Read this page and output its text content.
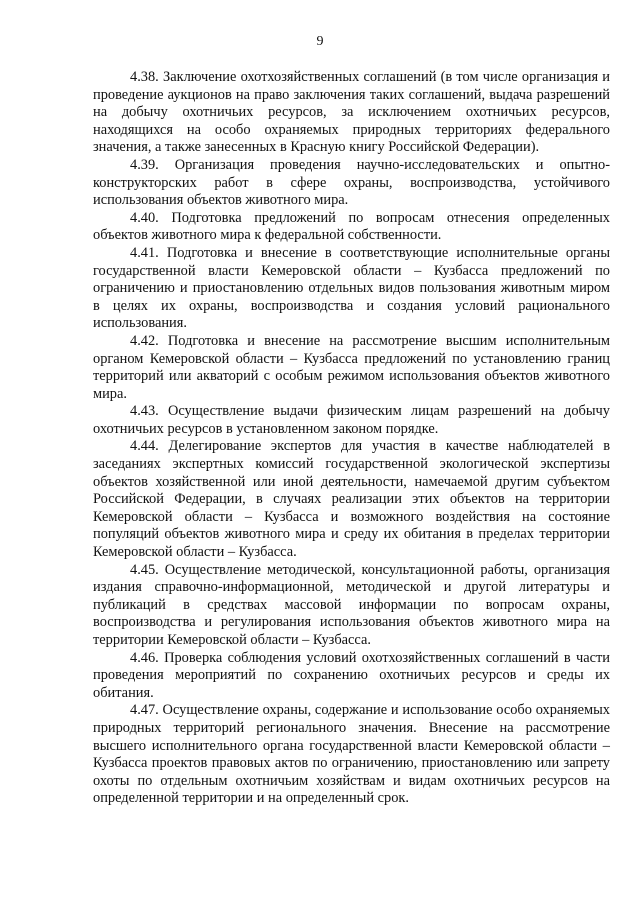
9

4.38. Заключение охотхозяйственных соглашений (в том числе организация и проведение аукционов на право заключения таких соглашений, выдача разрешений на добычу охотничьих ресурсов, за исключением охотничьих ресурсов, находящихся на особо охраняемых природных территориях федерального значения, а также занесенных в Красную книгу Российской Федерации).

4.39. Организация проведения научно-исследовательских и опытно-конструкторских работ в сфере охраны, воспроизводства, устойчивого использования объектов животного мира.

4.40. Подготовка предложений по вопросам отнесения определенных объектов животного мира к федеральной собственности.

4.41. Подготовка и внесение в соответствующие исполнительные органы государственной власти Кемеровской области – Кузбасса предложений по ограничению и приостановлению отдельных видов пользования животным миром в целях их охраны, воспроизводства и создания условий рационального использования.

4.42. Подготовка и внесение на рассмотрение высшим исполнительным органом Кемеровской области – Кузбасса предложений по установлению границ территорий или акваторий с особым режимом использования объектов животного мира.

4.43. Осуществление выдачи физическим лицам разрешений на добычу охотничьих ресурсов в установленном законом порядке.

4.44. Делегирование экспертов для участия в качестве наблюдателей в заседаниях экспертных комиссий государственной экологической экспертизы объектов хозяйственной или иной деятельности, намечаемой другим субъектом Российской Федерации, в случаях реализации этих объектов на территории Кемеровской области – Кузбасса и возможного воздействия на состояние популяций объектов животного мира и среду их обитания в пределах территории Кемеровской области – Кузбасса.

4.45. Осуществление методической, консультационной работы, организация издания справочно-информационной, методической и другой литературы и публикаций в средствах массовой информации по вопросам охраны, воспроизводства и регулирования использования объектов животного мира на территории Кемеровской области – Кузбасса.

4.46. Проверка соблюдения условий охотхозяйственных соглашений в части проведения мероприятий по сохранению охотничьих ресурсов и среды их обитания.

4.47. Осуществление охраны, содержание и использование особо охраняемых природных территорий регионального значения. Внесение на рассмотрение высшего исполнительного органа государственной власти Кемеровской области – Кузбасса проектов правовых актов по ограничению, приостановлению или запрету охоты по отдельным охотничьим хозяйствам и видам охотничьих ресурсов на определенной территории и на определенный срок.
